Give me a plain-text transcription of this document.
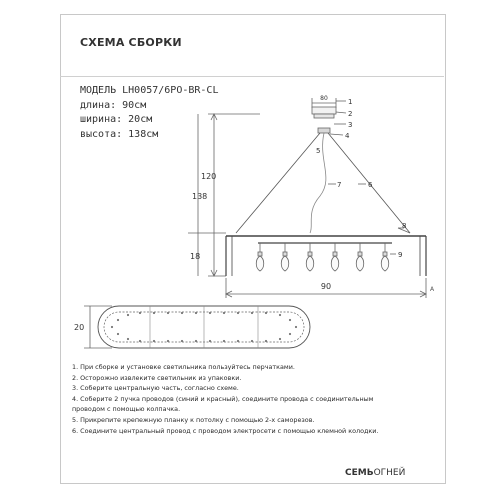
СХЕМА СБОРКИ
МОДЕЛЬ LH0057/6PO-BR-CL
длина: 90см
ширина: 20см
высота: 138см
80	1
2
3
4
5
7	6
138
120
18
8
9
90	A
20
1. При сборке и установке светильника пользуйтесь перчатками.
2. Осторожно извлеките светильник из упаковки.
3. Соберите центральную часть, согласно схеме.
4. Соберите 2 пучка проводов (синий и красный), соедините провода с соединительным
проводом с помощью колпачка.
5. Прикрепите крепежную планку к потолку с помощью 2-х саморезов.
6. Соедините центральный провод с проводом электросети с помощью клемной колодки.
СЕМЬОГНЕЙ
